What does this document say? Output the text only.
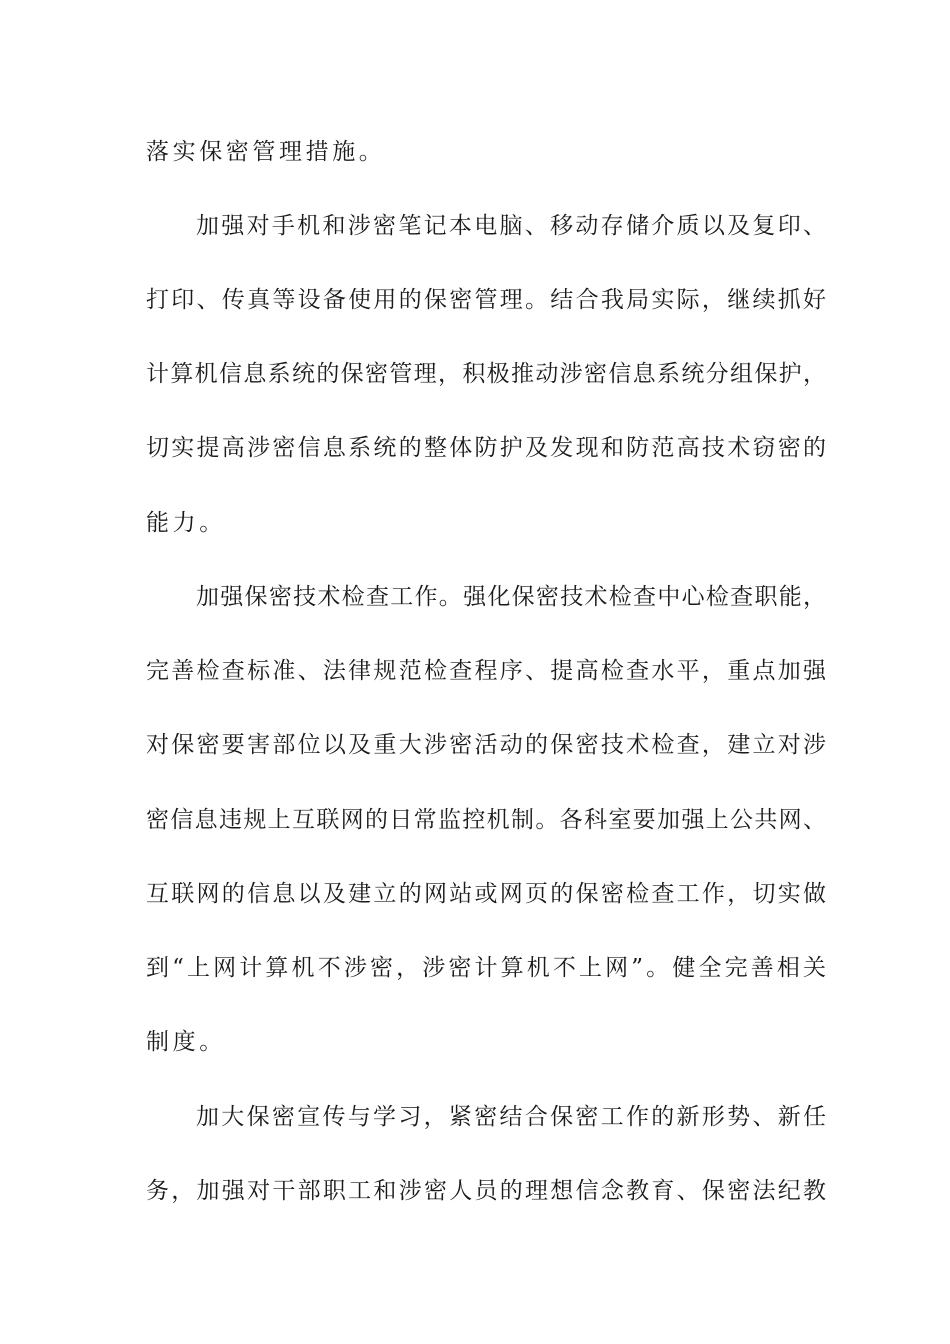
落实保密管理措施。
加强对手机和涉密笔记本电脑、移动存储介质以及复印、
打印、传真等设备使用的保密管理。结合我局实际，继续抓好
计算机信息系统的保密管理，积极推动涉密信息系统分组保护，
切实提高涉密信息系统的整体防护及发现和防范高技术窃密的
能力。
加强保密技术检查工作。强化保密技术检查中心检查职能，
完善检查标准、法律规范检查程序、提高检查水平，重点加强
对保密要害部位以及重大涉密活动的保密技术检查，建立对涉
密信息违规上互联网的日常监控机制。各科室要加强上公共网、
互联网的信息以及建立的网站或网页的保密检查工作，切实做
到“上网计算机不涉密，涉密计算机不上网”。健全完善相关
制度。
加大保密宣传与学习，紧密结合保密工作的新形势、新任
务，加强对干部职工和涉密人员的理想信念教育、保密法纪教
